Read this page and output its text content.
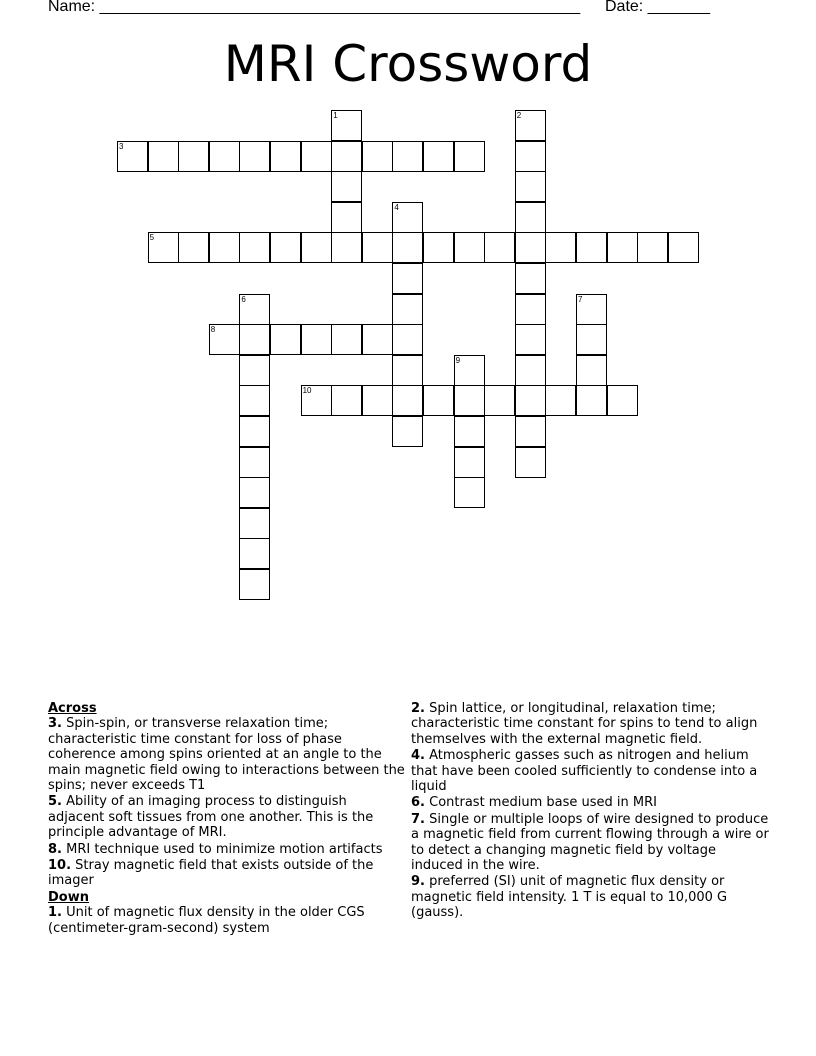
Name: ______________________________________________________ Date: _______
MRI Crossword
1	2
3
4
5
6	7
8
9
10
Across
3. Spin-spin, or transverse relaxation time; characteristic time constant for loss of phase coherence among spins oriented at an angle to the main magnetic field owing to interactions between the spins; never exceeds T1
5. Ability of an imaging process to distinguish adjacent soft tissues from one another. This is the principle advantage of MRI.
8. MRI technique used to minimize motion artifacts
10. Stray magnetic field that exists outside of the imager
Down
1. Unit of magnetic flux density in the older CGS (centimeter-gram-second) system
2. Spin lattice, or longitudinal, relaxation time; characteristic time constant for spins to tend to align themselves with the external magnetic field.
4. Atmospheric gasses such as nitrogen and helium that have been cooled sufficiently to condense into a liquid
6. Contrast medium base used in MRI
7. Single or multiple loops of wire designed to produce a magnetic field from current flowing through a wire or to detect a changing magnetic field by voltage induced in the wire.
9. preferred (SI) unit of magnetic flux density or magnetic field intensity. 1 T is equal to 10,000 G (gauss).
